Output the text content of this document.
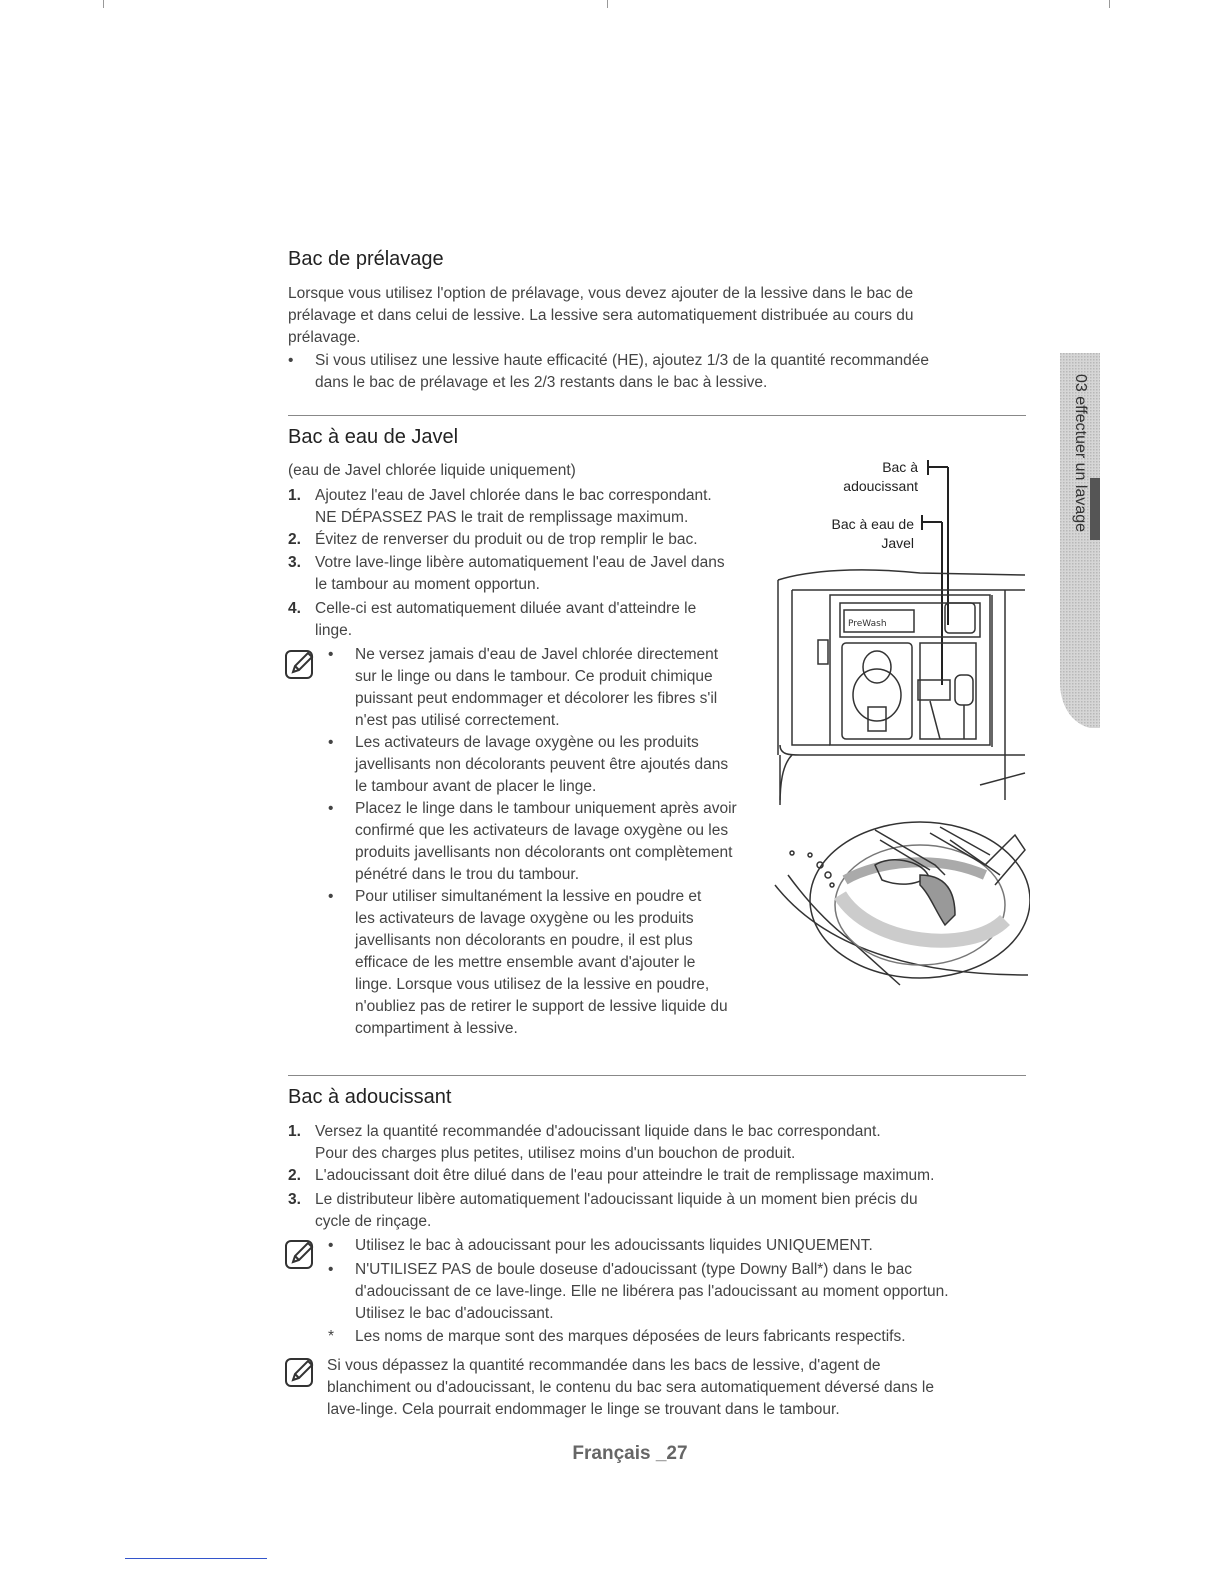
Bac de prélavage

Lorsque vous utilisez l'option de prélavage, vous devez ajouter de la lessive dans le bac de

prélavage et dans celui de lessive. La lessive sera automatiquement distribuée au cours du

prélavage.

• Si vous utilisez une lessive haute efficacité (HE), ajoutez 1/3 de la quantité recommandée
dans le bac de prélavage et les 2/3 restants dans le bac à lessive.
Bac à eau de Javel

(eau de Javel chlorée liquide uniquement)

1. Ajoutez l'eau de Javel chlorée dans le bac correspondant.
NE DÉPASSEZ PAS le trait de remplissage maximum.
2. Évitez de renverser du produit ou de trop remplir le bac.
3. Votre lave-linge libère automatiquement l'eau de Javel dans
le tambour au moment opportun.
4. Celle-ci est automatiquement diluée avant d'atteindre le
linge.
• Ne versez jamais d'eau de Javel chlorée directement
sur le linge ou dans le tambour. Ce produit chimique
puissant peut endommager et décolorer les fibres s'il
n'est pas utilisé correctement.
• Les activateurs de lavage oxygène ou les produits
javellisants non décolorants peuvent être ajoutés dans
le tambour avant de placer le linge.
• Placez le linge dans le tambour uniquement après avoir
confirmé que les activateurs de lavage oxygène ou les
produits javellisants non décolorants ont complètement
pénétré dans le trou du tambour.
• Pour utiliser simultanément la lessive en poudre et
les activateurs de lavage oxygène ou les produits
javellisants non décolorants en poudre, il est plus
efficace de les mettre ensemble avant d'ajouter le
linge. Lorsque vous utilisez de la lessive en poudre,
n'oubliez pas de retirer le support de lessive liquide du
compartiment à lessive.
Bac à
adoucissant
Bac à eau de
Javel
PreWash
Bac à adoucissant
1. Versez la quantité recommandée d'adoucissant liquide dans le bac correspondant.
Pour des charges plus petites, utilisez moins d'un bouchon de produit.
2. L'adoucissant doit être dilué dans de l'eau pour atteindre le trait de remplissage maximum.
3. Le distributeur libère automatiquement l'adoucissant liquide à un moment bien précis du
cycle de rinçage.
• Utilisez le bac à adoucissant pour les adoucissants liquides UNIQUEMENT.
• N'UTILISEZ PAS de boule doseuse d'adoucissant (type Downy Ball*) dans le bac
d'adoucissant de ce lave-linge. Elle ne libérera pas l'adoucissant au moment opportun.
Utilisez le bac d'adoucissant.
* Les noms de marque sont des marques déposées de leurs fabricants respectifs.
Si vous dépassez la quantité recommandée dans les bacs de lessive, d'agent de
blanchiment ou d'adoucissant, le contenu du bac sera automatiquement déversé dans le
lave-linge. Cela pourrait endommager le linge se trouvant dans le tambour.
03 effectuer un lavage
Français _27
